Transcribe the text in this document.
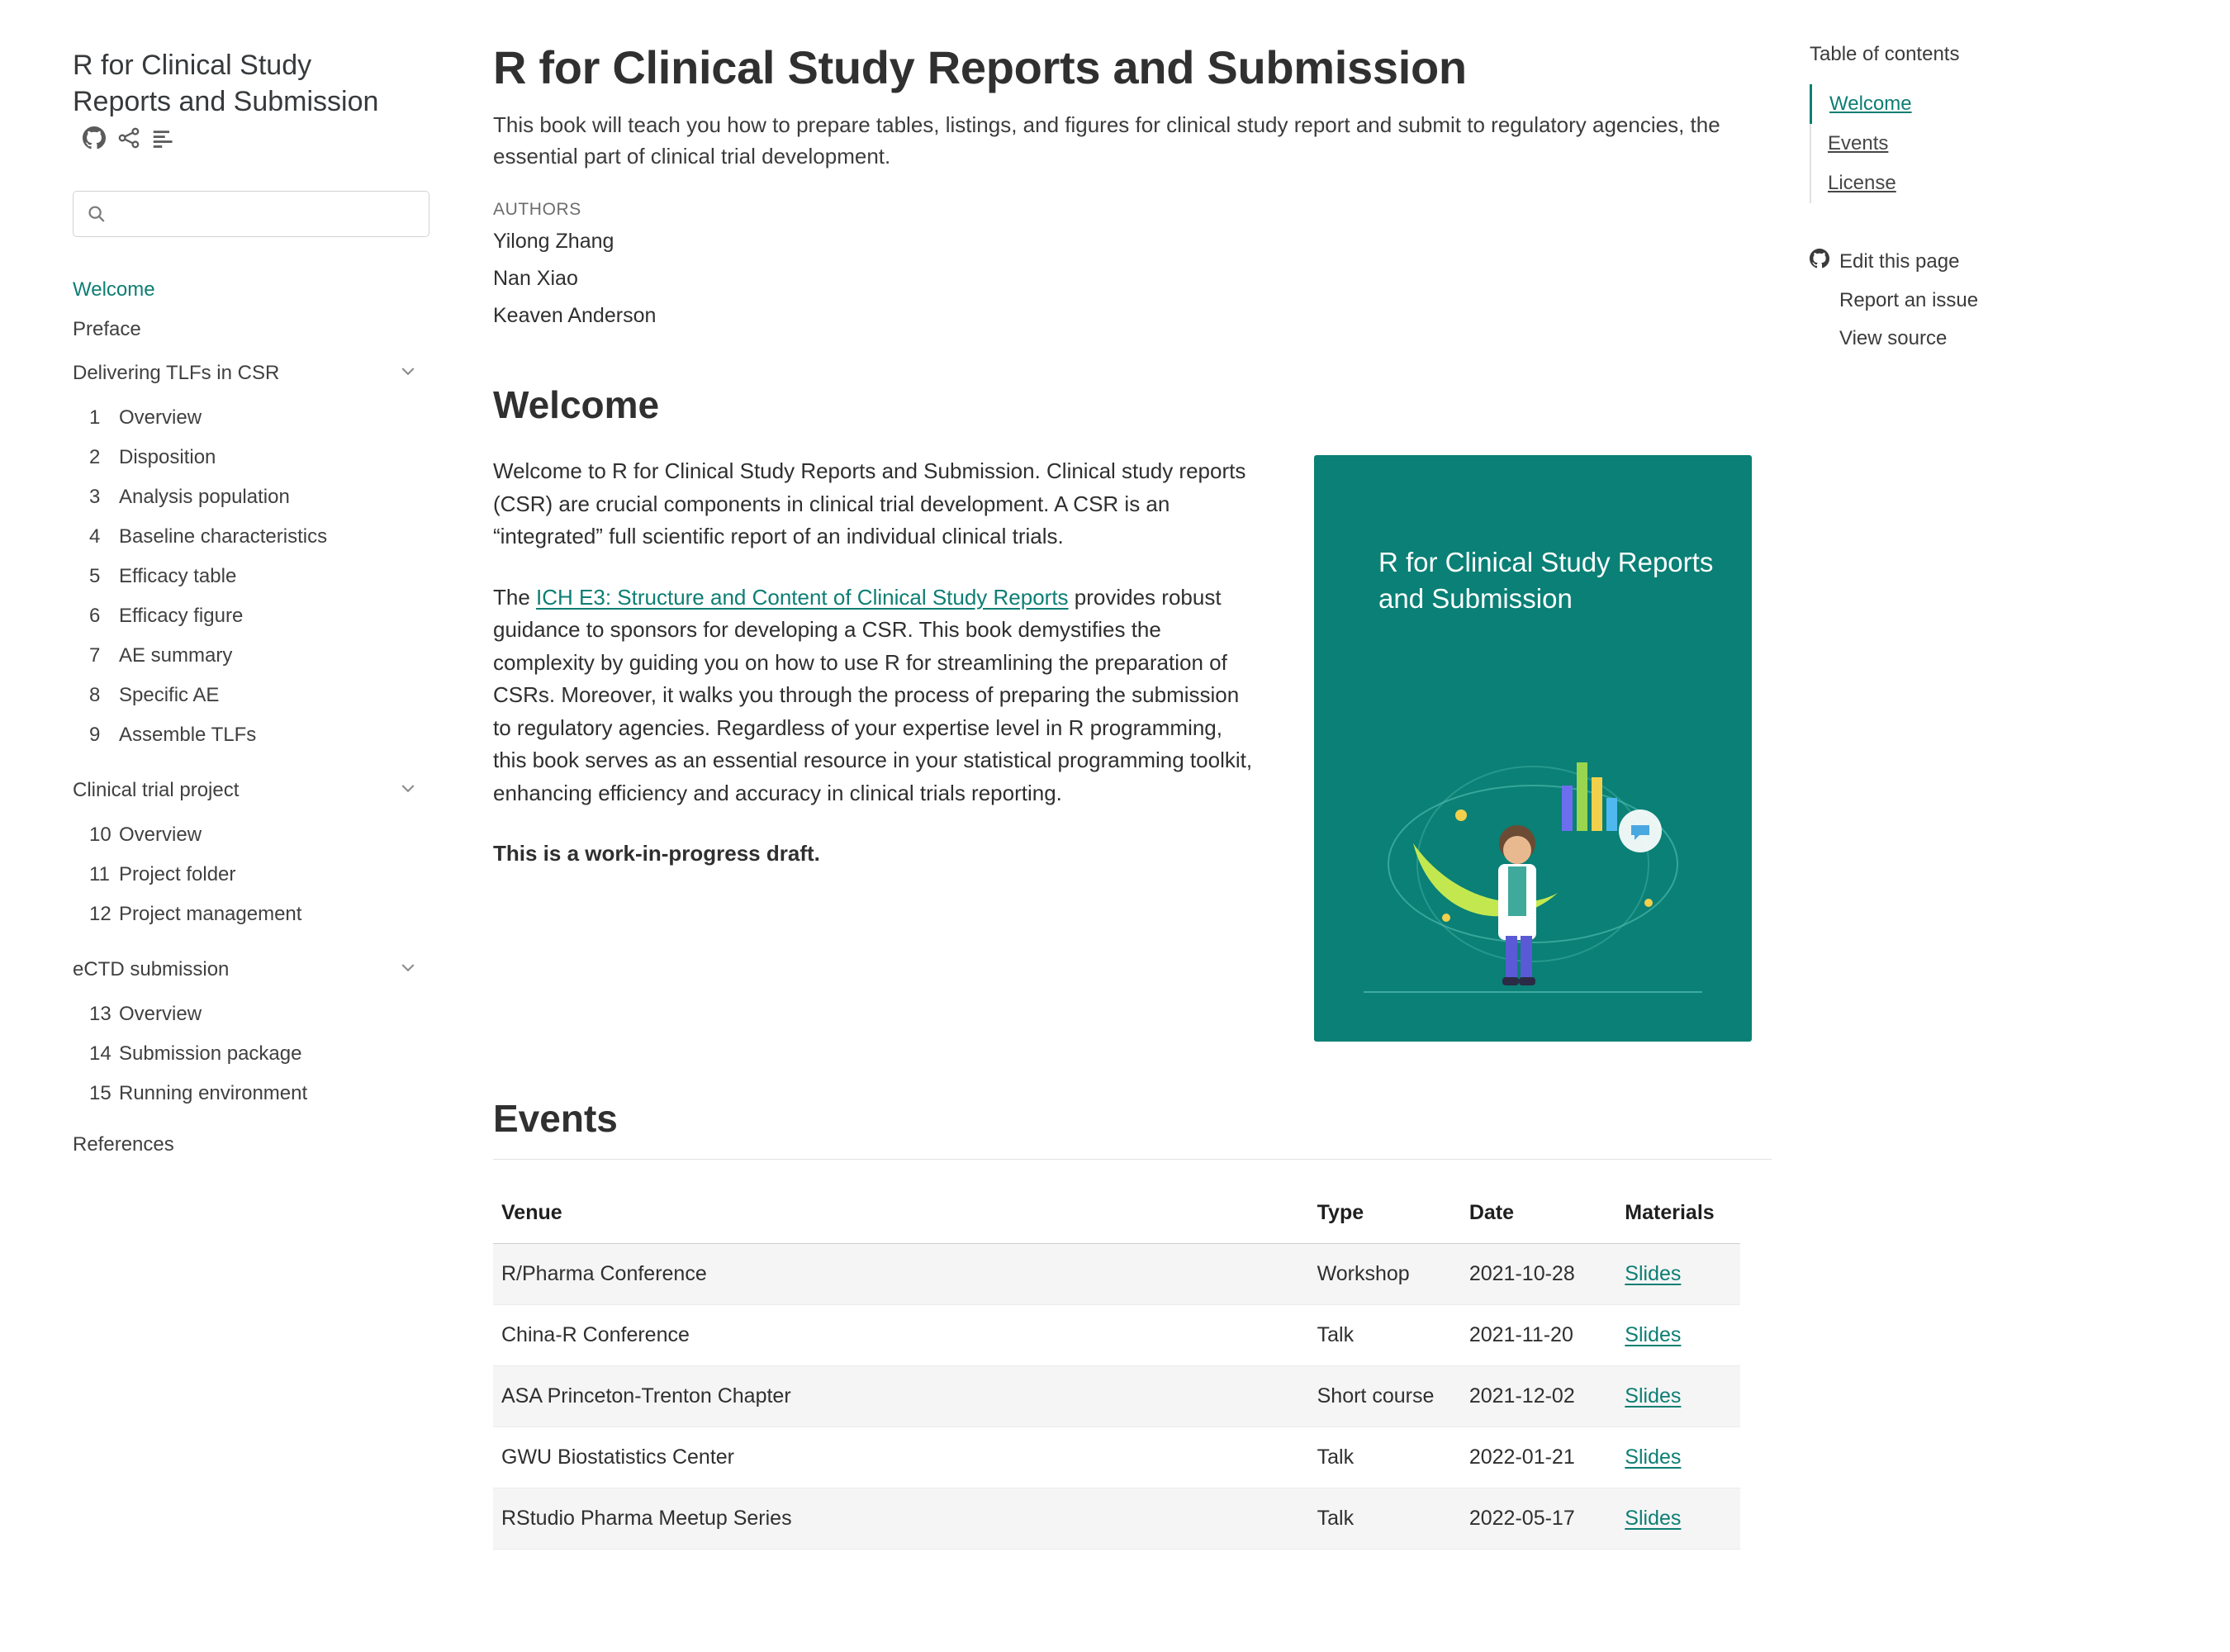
R for Clinical Study Reports and Submission
Welcome
Preface
Delivering TLFs in CSR
1 Overview
2 Disposition
3 Analysis population
4 Baseline characteristics
5 Efficacy table
6 Efficacy figure
7 AE summary
8 Specific AE
9 Assemble TLFs
Clinical trial project
10 Overview
11 Project folder
12 Project management
eCTD submission
13 Overview
14 Submission package
15 Running environment
References
R for Clinical Study Reports and Submission

This book will teach you how to prepare tables, listings, and figures for clinical study report and submit to regulatory agencies, the essential part of clinical trial development.

AUTHORS
Yilong Zhang
Nan Xiao
Keaven Anderson
Welcome

Welcome to R for Clinical Study Reports and Submission. Clinical study reports (CSR) are crucial components in clinical trial development. A CSR is an “integrated” full scientific report of an individual clinical trials.

The ICH E3: Structure and Content of Clinical Study Reports provides robust guidance to sponsors for developing a CSR. This book demystifies the complexity by guiding you on how to use R for streamlining the preparation of CSRs. Moreover, it walks you through the process of preparing the submission to regulatory agencies. Regardless of your expertise level in R programming, this book serves as an essential resource in your statistical programming toolkit, enhancing efficiency and accuracy in clinical trials reporting.

This is a work-in-progress draft.

R for Clinical Study Reports and Submission
Events
Venue	Type	Date	Materials
R/Pharma Conference	Workshop	2021-10-28	Slides
China-R Conference	Talk	2021-11-20	Slides
ASA Princeton-Trenton Chapter	Short course	2021-12-02	Slides
GWU Biostatistics Center	Talk	2022-01-21	Slides
RStudio Pharma Meetup Series	Talk	2022-05-17	Slides
Table of contents
Welcome
Events
License
Edit this page
Report an issue
View source
